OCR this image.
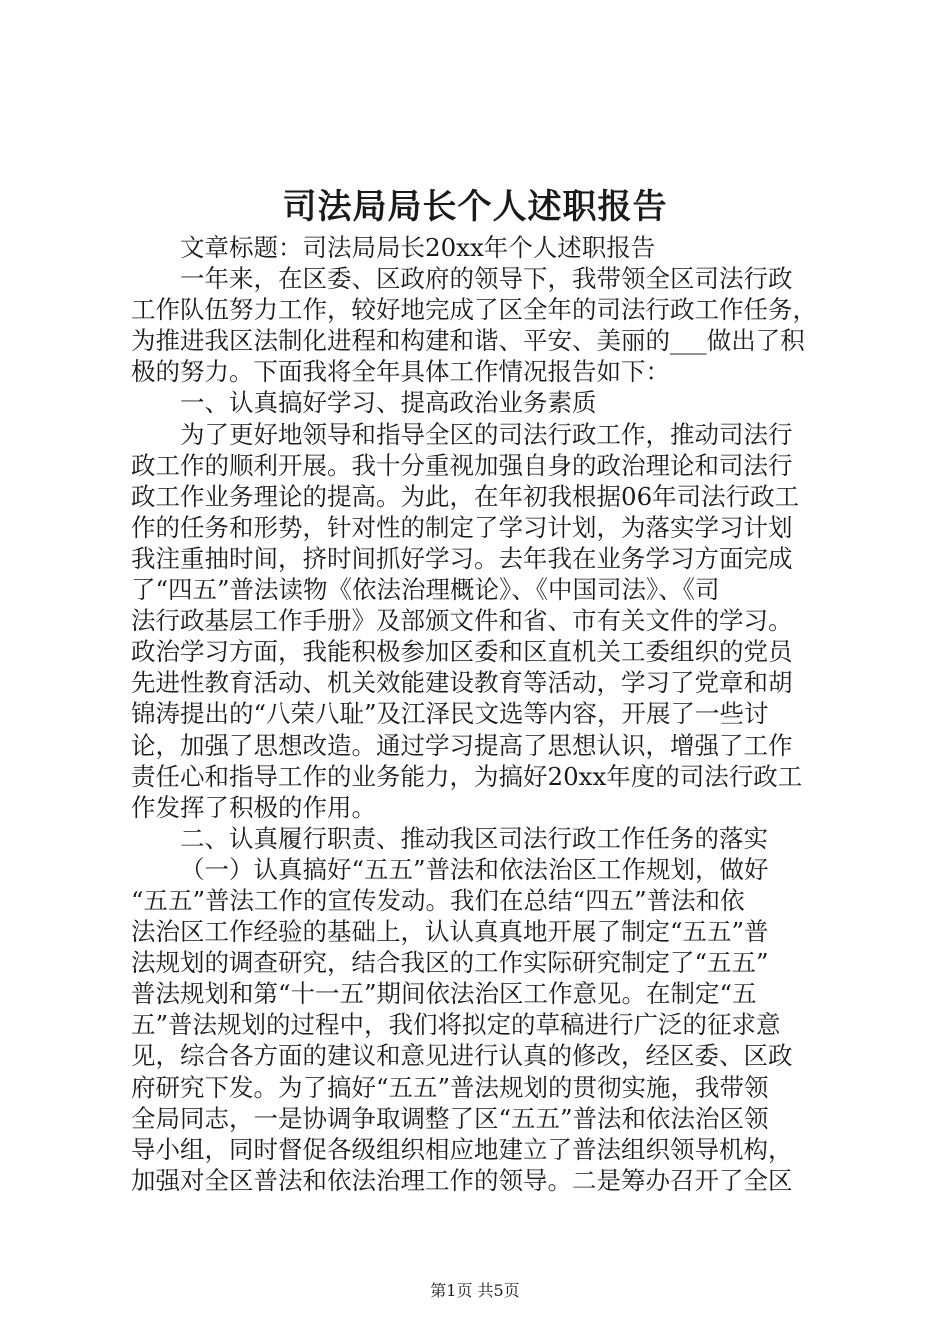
司法局局长个人述职报告
文章标题：司法局局长20xx年个人述职报告
一年来，在区委、区政府的领导下，我带领全区司法行政
工作队伍努力工作，较好地完成了区全年的司法行政工作任务，
为推进我区法制化进程和构建和谐、平安、美丽的___做出了积
极的努力。下面我将全年具体工作情况报告如下：
一、认真搞好学习、提高政治业务素质
为了更好地领导和指导全区的司法行政工作，推动司法行
政工作的顺利开展。我十分重视加强自身的政治理论和司法行
政工作业务理论的提高。为此，在年初我根据06年司法行政工
作的任务和形势，针对性的制定了学习计划，为落实学习计划
我注重抽时间，挤时间抓好学习。去年我在业务学习方面完成
了“四五”普法读物《依法治理概论》、《中国司法》、《司
法行政基层工作手册》及部颁文件和省、市有关文件的学习。
政治学习方面，我能积极参加区委和区直机关工委组织的党员
先进性教育活动、机关效能建设教育等活动，学习了党章和胡
锦涛提出的“八荣八耻”及江泽民文选等内容，开展了一些讨
论，加强了思想改造。通过学习提高了思想认识，增强了工作
责任心和指导工作的业务能力，为搞好20xx年度的司法行政工
作发挥了积极的作用。
二、认真履行职责、推动我区司法行政工作任务的落实
（一）认真搞好“五五”普法和依法治区工作规划，做好
“五五”普法工作的宣传发动。我们在总结“四五”普法和依
法治区工作经验的基础上，认认真真地开展了制定“五五”普
法规划的调查研究，结合我区的工作实际研究制定了“五五”
普法规划和第“十一五”期间依法治区工作意见。在制定“五
五”普法规划的过程中，我们将拟定的草稿进行广泛的征求意
见，综合各方面的建议和意见进行认真的修改，经区委、区政
府研究下发。为了搞好“五五”普法规划的贯彻实施，我带领
全局同志，一是协调争取调整了区“五五”普法和依法治区领
导小组，同时督促各级组织相应地建立了普法组织领导机构，
加强对全区普法和依法治理工作的领导。二是筹办召开了全区
第1页 共5页
